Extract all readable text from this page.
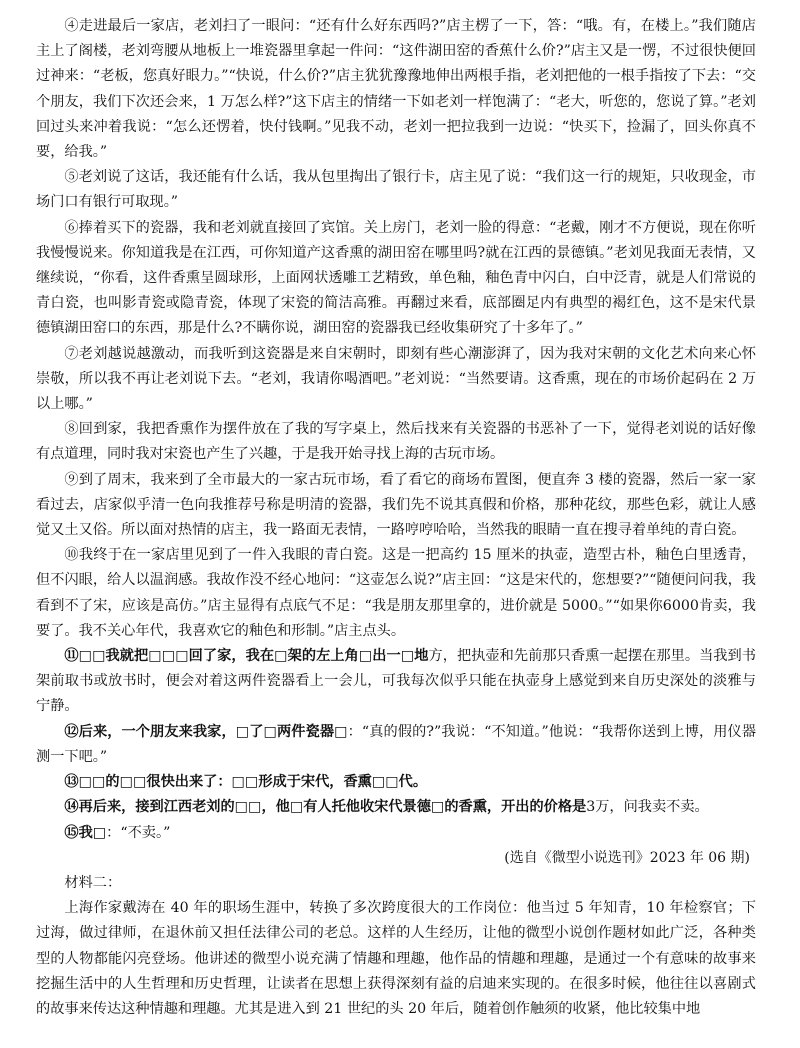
④走进最后一家店，老刘扫了一眼问：“还有什么好东西吗?”店主楞了一下，答：“哦。有，在楼上。”我们随店主上了阁楼，老刘弯腰从地板上一堆瓷器里拿起一件问：“这件湖田窑的香蕉什么价?”店主又是一愣，不过很快便回过神来：“老板，您真好眼力。”“快说，什么价?”店主犹犹豫豫地伸出两根手指，老刘把他的一根手指按了下去：“交个朋友，我们下次还会来，1 万怎么样?”这下店主的情绪一下如老刘一样饱满了：“老大，听您的，您说了算。”老刘回过头来冲着我说：“怎么还愣着，快付钱啊。”见我不动，老刘一把拉我到一边说：“快买下，捡漏了，回头你真不要，给我。”

⑤老刘说了这话，我还能有什么话，我从包里掏出了银行卡，店主见了说：“我们这一行的规矩，只收现金，市场门口有银行可取现。”

⑥捧着买下的瓷器，我和老刘就直接回了宾馆。关上房门，老刘一脸的得意：“老戴，刚才不方便说，现在你听我慢慢说来。你知道我是在江西，可你知道产这香熏的湖田窑在哪里吗?就在江西的景德镇。”老刘见我面无表情，又继续说，“你看，这件香熏呈圆球形，上面网状透雕工艺精致，单色釉，釉色青中闪白，白中泛青，就是人们常说的青白瓷，也叫影青瓷或隐青瓷，体现了宋瓷的简洁高雅。再翻过来看，底部圈足内有典型的褐红色，这不是宋代景德镇湖田窑口的东西，那是什么?不瞒你说，湖田窑的瓷器我已经收集研究了十多年了。”

⑦老刘越说越激动，而我听到这瓷器是来自宋朝时，即刻有些心潮澎湃了，因为我对宋朝的文化艺术向来心怀崇敬，所以我不再让老刘说下去。“老刘，我请你喝酒吧。”老刘说：“当然要请。这香熏，现在的市场价起码在 2 万以上哪。”

⑧回到家，我把香熏作为摆件放在了我的写字桌上，然后找来有关瓷器的书恶补了一下，觉得老刘说的话好像有点道理，同时我对宋瓷也产生了兴趣，于是我开始寻找上海的古玩市场。

⑨到了周末，我来到了全市最大的一家古玩市场，看了看它的商场布置图，便直奔 3 楼的瓷器，然后一家一家看过去，店家似乎清一色向我推荐号称是明清的瓷器，我们先不说其真假和价格，那种花纹，那些色彩，就让人感觉又土又俗。所以面对热情的店主，我一路面无表情，一路哼哼哈哈，当然我的眼睛一直在搜寻着单纯的青白瓷。

⑩我终于在一家店里见到了一件入我眼的青白瓷。这是一把高约 15 厘米的执壶，造型古朴，釉色白里透青，但不闪眼，给人以温润感。我故作没不经心地问：“这壶怎么说?”店主回：“这是宋代的，您想要?”“随便问问我，我看到不了宋，应该是高仿。”店主显得有点底气不足：“我是朋友那里拿的，进价就是 5000。”“如果你6000肯卖，我要了。我不关心年代，我喜欢它的釉色和形制。”店主点头。

⑪□□我就把□□□回了家，我在□架的左上角□出一□地方，把执壶和先前那只香熏一起摆在那里。当我到书架前取书或放书时，便会对着这两件瓷器看上一会儿，可我每次似乎只能在执壶身上感觉到来自历史深处的淡雅与宁静。

⑫后来，一个朋友来我家，□了□两件瓷器□：“真的假的?”我说：“不知道。”他说：“我帮你送到上博，用仪器测一下吧。”

⑬□□的□□很快出来了：□□形成于宋代，香熏□□代。

⑭再后来，接到江西老刘的□□，他□有人托他收宋代景德□的香熏，开出的价格是3万，问我卖不卖。

⑮我□：“不卖。”

(选自《微型小说选刊》2023 年 06 期)

材料二：

上海作家戴涛在 40 年的职场生涯中，转换了多次跨度很大的工作岗位：他当过 5 年知青，10 年检察官；下过海，做过律师，在退休前又担任法律公司的老总。这样的人生经历，让他的微型小说创作题材如此广泛，各种类型的人物都能闪亮登场。他讲述的微型小说充满了情趣和理趣，他作品的情趣和理趣，是通过一个有意味的故事来挖掘生活中的人生哲理和历史哲理，让读者在思想上获得深刻有益的启迪来实现的。在很多时候，他往往以喜剧式的故事来传达这种情趣和理趣。尤其是进入到 21 世纪的头 20 年后，随着创作触须的收紧，他比较集中地
